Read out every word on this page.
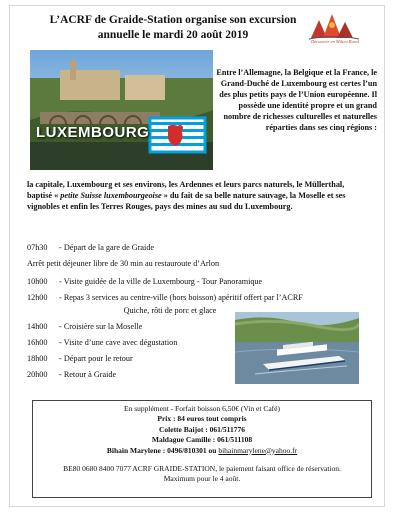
L’ACRF de Graide-Station organise son excursion
annuelle le mardi 20 août 2019
Découvrir en Milieu Rural
LUXEMBOURG
Entre l’Allemagne, la Belgique et la France, le Grand-Duché de Luxembourg est certes l’un des plus petits pays de l’Union européenne. Il possède une identité propre et un grand nombre de richesses culturelles et naturelles réparties dans ses cinq régions :
la capitale, Luxembourg et ses environs, les Ardennes et leurs parcs naturels, le Müllerthal, baptisé « petite Suisse luxembourgeoise » du fait de sa belle nature sauvage, la Moselle et ses vignobles et enfin les Terres Rouges, pays des mines au sud du Luxembourg.
07h30 - Départ de la gare de Graide
Arrêt petit déjeuner libre de 30 min au restauroute d’Arlon
10h00 - Visite guidée de la ville de Luxembourg - Tour Panoramique
12h00 - Repas 3 services au centre-ville (hors boisson) apéritif offert par l’ACRF
Quiche, rôti de porc et glace
14h00 - Croisière sur la Moselle
16h00 - Visite d’une cave avec dégustation
18h00 - Départ pour le retour
20h00 - Retour à Graide
En supplément - Forfait boisson 6,50€ (Vin et Café)
Prix : 84 euros tout compris
Colette Baijot : 061/511776
Maldague Camille : 061/511108
Bihain Marylene : 0496/810301 ou bihainmarylene@yahoo.fr
BE80 0680 8400 7077 ACRF GRAIDE-STATION, le paiement faisant office de réservation.
Maximum pour le 4 août.
